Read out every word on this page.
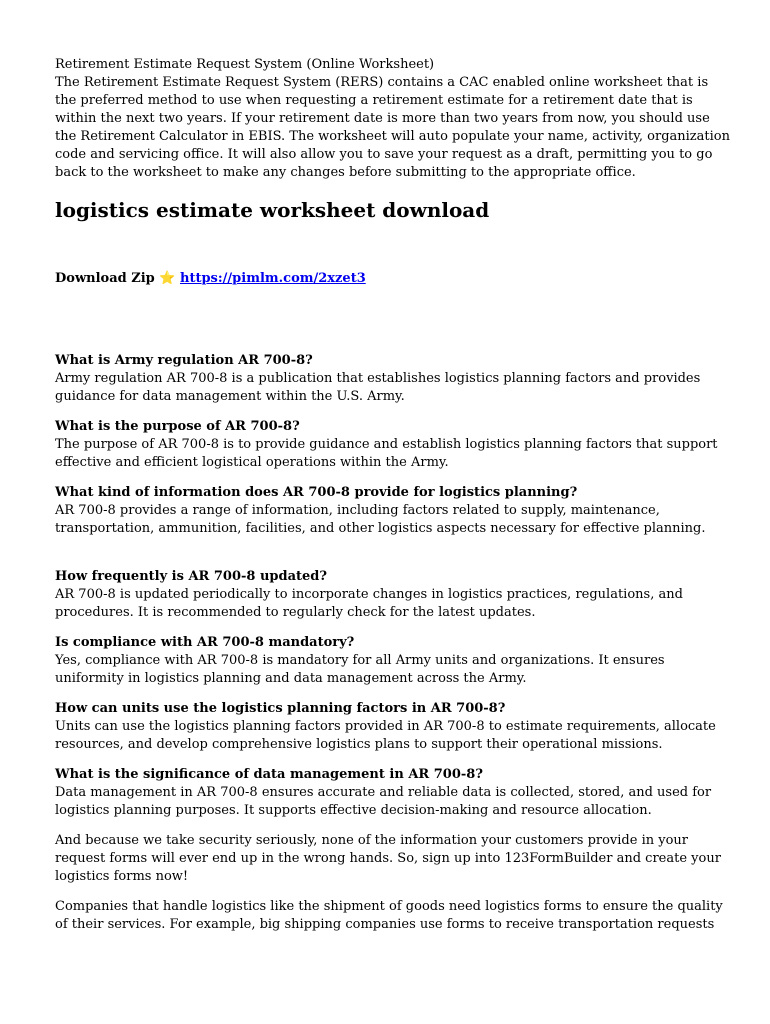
Retirement Estimate Request System (Online Worksheet)

The Retirement Estimate Request System (RERS) contains a CAC enabled online worksheet that is the preferred method to use when requesting a retirement estimate for a retirement date that is within the next two years. If your retirement date is more than two years from now, you should use the Retirement Calculator in EBIS. The worksheet will auto populate your name, activity, organization code and servicing office. It will also allow you to save your request as a draft, permitting you to go back to the worksheet to make any changes before submitting to the appropriate office.

logistics estimate worksheet download

Download Zip ⭐ https://pimlm.com/2xzet3

What is Army regulation AR 700-8?

Army regulation AR 700-8 is a publication that establishes logistics planning factors and provides guidance for data management within the U.S. Army.

What is the purpose of AR 700-8?

The purpose of AR 700-8 is to provide guidance and establish logistics planning factors that support effective and efficient logistical operations within the Army.

What kind of information does AR 700-8 provide for logistics planning?

AR 700-8 provides a range of information, including factors related to supply, maintenance, transportation, ammunition, facilities, and other logistics aspects necessary for effective planning.

How frequently is AR 700-8 updated?

AR 700-8 is updated periodically to incorporate changes in logistics practices, regulations, and procedures. It is recommended to regularly check for the latest updates.

Is compliance with AR 700-8 mandatory?

Yes, compliance with AR 700-8 is mandatory for all Army units and organizations. It ensures uniformity in logistics planning and data management across the Army.

How can units use the logistics planning factors in AR 700-8?

Units can use the logistics planning factors provided in AR 700-8 to estimate requirements, allocate resources, and develop comprehensive logistics plans to support their operational missions.

What is the significance of data management in AR 700-8?

Data management in AR 700-8 ensures accurate and reliable data is collected, stored, and used for logistics planning purposes. It supports effective decision-making and resource allocation.

And because we take security seriously, none of the information your customers provide in your request forms will ever end up in the wrong hands. So, sign up into 123FormBuilder and create your logistics forms now!

Companies that handle logistics like the shipment of goods need logistics forms to ensure the quality of their services. For example, big shipping companies use forms to receive transportation requests
